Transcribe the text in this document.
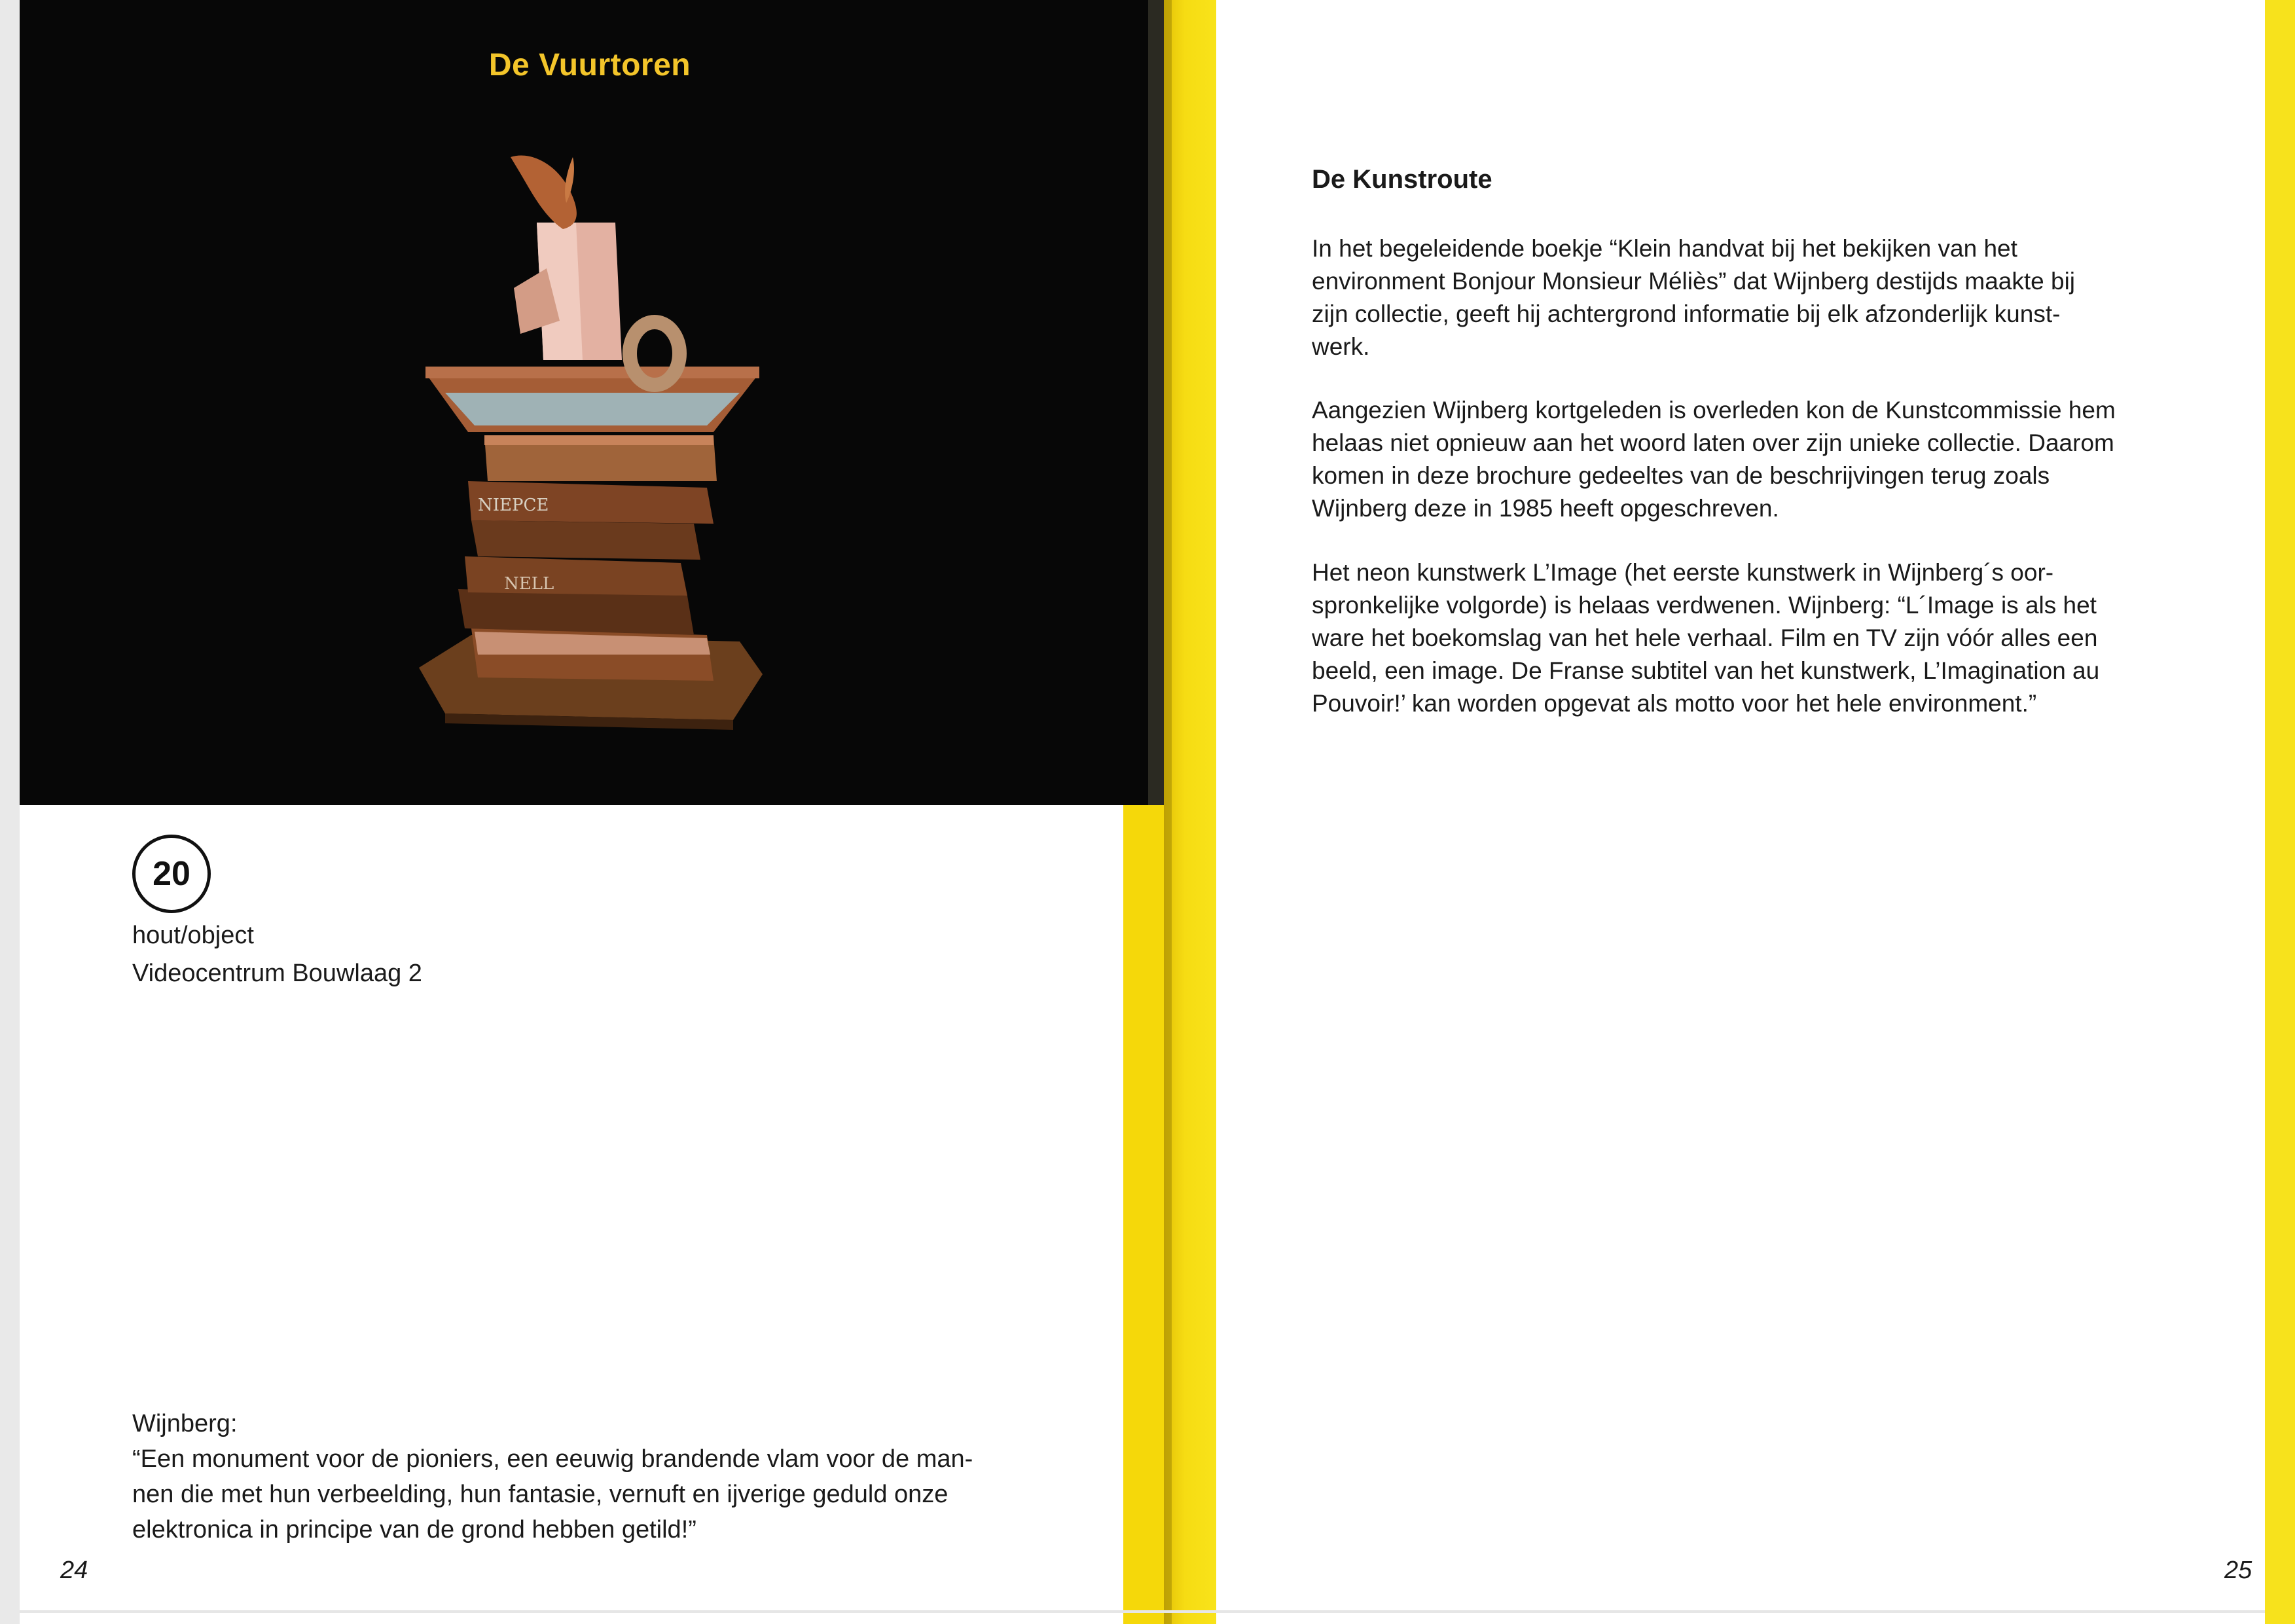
De Vuurtoren
NELL
NIEPCE
20
hout/object
Videocentrum Bouwlaag 2

Wijnberg:

“Een monument voor de pioniers, een eeuwig brandende vlam voor de man-

nen die met hun verbeelding, hun fantasie, vernuft en ijverige geduld onze

elektronica in principe van de grond hebben getild!”

24
De Kunstroute

In het begeleidende boekje “Klein handvat bij het bekijken van het

environment Bonjour Monsieur Méliès” dat Wijnberg destijds maakte bij

zijn collectie, geeft hij achtergrond informatie bij elk afzonderlijk kunst-

werk.

Aangezien Wijnberg kortgeleden is overleden kon de Kunstcommissie hem

helaas niet opnieuw aan het woord laten over zijn unieke collectie. Daarom

komen in deze brochure gedeeltes van de beschrijvingen terug zoals

Wijnberg deze in 1985 heeft opgeschreven.

Het neon kunstwerk L’Image (het eerste kunstwerk in Wijnberg´s oor-

spronkelijke volgorde) is helaas verdwenen. Wijnberg: “L´Image is als het

ware het boekomslag van het hele verhaal. Film en TV zijn vóór alles een

beeld, een image. De Franse subtitel van het kunstwerk, L’Imagination au

Pouvoir!’ kan worden opgevat als motto voor het hele environment.”

25
